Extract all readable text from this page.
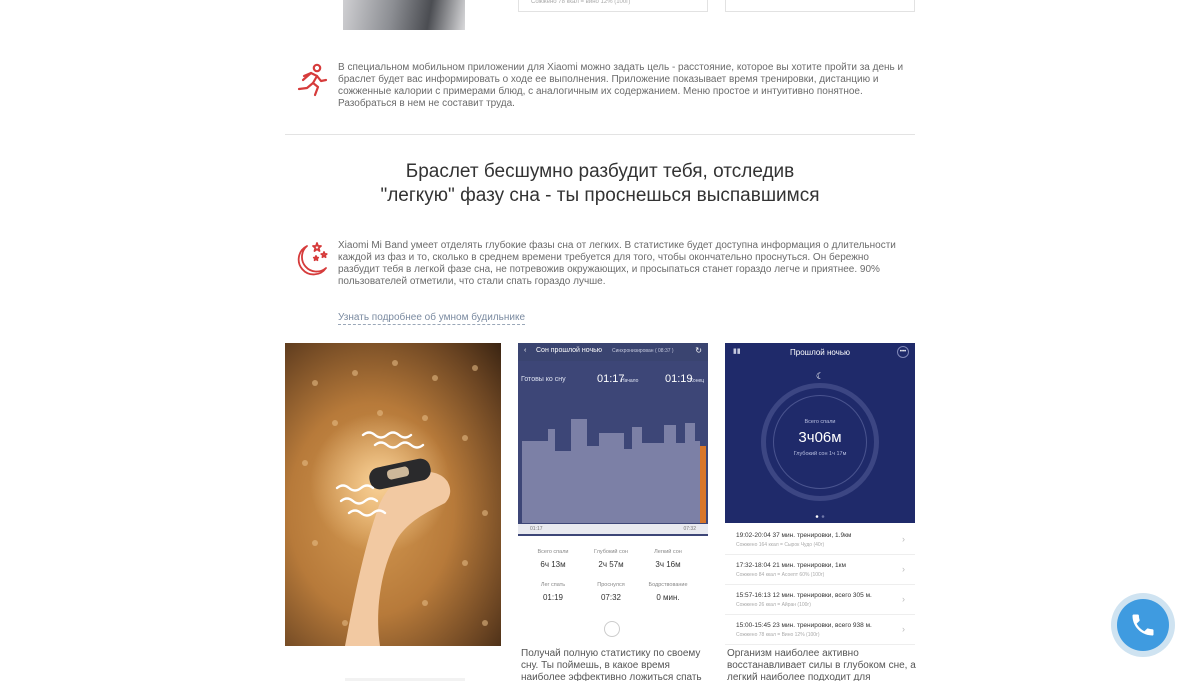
Сожжено 78 ккал = вино 12% (100г)
В специальном мобильном приложении для Xiaomi можно задать цель - расстояние, которое вы хотите пройти за день и браслет будет вас информировать о ходе ее выполнения. Приложение показывает время тренировки, дистанцию и сожженные калории с примерами блюд, с аналогичным их содержанием. Меню простое и интуитивно понятное. Разобраться в нем не составит труда.
Браслет бесшумно разбудит тебя, отследив
"легкую" фазу сна - ты проснешься выспавшимся
Xiaomi Mi Band умеет отделять глубокие фазы сна от легких. В статистике будет доступна информация о длительности каждой из фаз и то, сколько в среднем времени требуется для того, чтобы окончательно проснуться. Он бережно разбудит тебя в легкой фазе сна, не потревожив окружающих, и просыпаться станет гораздо легче и приятнее. 90% пользователей отметили, что стали спать гораздо лучше.
Узнать подробнее об умном будильнике
‹ Сон прошлой ночью Синхронизирован ( 08:37 )	↻
Готовы ко сну	01:17
Начало 01:19
Конец
01:17	07:32
Всего спали
6ч 13м
Глубокий сон
2ч 57м
Легкий сон
3ч 16м
Лег спать
01:19
Проснулся
07:32
Бодрствование
0 мин.
▮▮	•••
Прошлой ночью
☾
Всего спали
3ч06м
Глубокий сон 1ч 17м
19:02-20:04 37 мин. тренировки, 1.9км
Сожжено 164 ккал = Сырок Чудо (40г)
›
17:32-18:04 21 мин. тренировки, 1км
Сожжено 84 ккал = Асоепт 60% (100г)
›
15:57-16:13 12 мин. тренировки, всего 305 м.
Сожжено 26 ккал = Айран (100г)
›
15:00-15:45 23 мин. тренировки, всего 938 м.
Сожжено 78 ккал = Вино 12% (100г)
›
Получай полную статистику по своему сну. Ты поймешь, в какое время наиболее эффективно ложиться спать
Организм наиболее активно восстанавливает силы в глубоком сне, а легкий наиболее подходит для
